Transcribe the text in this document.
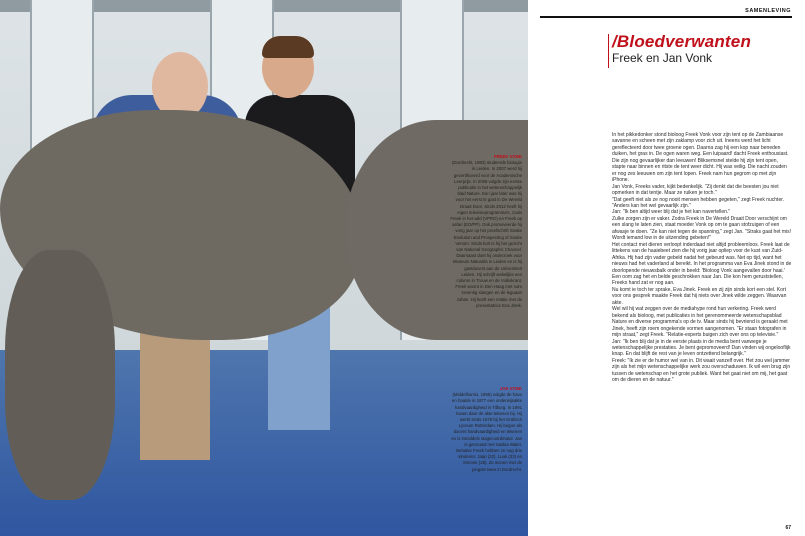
FREEK VONK
(Dordrecht, 1983) studeerde biologie in Leiden. In 2007 werd hij gecertificeerd voor de Academische Leerprijs. In 2008 volgde zijn eerste publicatie in het wetenschappelijk blad Nature. Een jaar later was hij voor het eerst te gast in De Wereld Draait Door. Sinds 2012 heeft hij eigen televisieprogramma's, zoals Freek in het wild (VPRO) en Freek op safari (EO/PP). Ook promoveerde hij vorig jaar op het proefschrift Snake Evolution and Prospecting of Snake Venom. Sinds kort is hij het gezicht van National Geographic Channel. Daarnaast doet hij onderzoek voor Museum Naturalis in Leiden en is hij gastdocent aan de Universiteit Leiden. Hij schrijft wekelijks een column in Trouw en de Volkskrant. Freek woont in Den Haag met ruim zeventig slangen en de leguaan Johan. Hij heeft een relatie met de presentatrice Eva Jinek.
JAN VONK
(Middelharnis, 1955) volgde de havo en haalde in 1977 een onderwijsakte handvaardigheid in Tilburg. In 1991 kwam daar de akte tekenen bij. Hij werkt sinds 1978 bij het Grafisch Lyceum Rotterdam. Hij begon als docent handvaardigheid en tekenen en is inmiddels stagecoördinator. Jan is getrouwd met Saskia Walet. Behalve Freek hebben ze nog drie kinderen: Jaap (32), Luuk (33) en Simone (28). Ze wonen met de jongste twee in Dordrecht.
SAMENLEVING
/Bloedverwanten
Freek en Jan Vonk

In het pikkedonker stond bioloog Freek Vonk voor zijn tent op de Zambiaanse savanne en scheen met zijn zaklamp voor zich uit. Ineens werd het licht gereflecteerd door twee groene ogen. Daarna zag hij een kop naar beneden duiken, het gras in. De ogen waren weg. Een luipaard! dacht Freek enthousiast. Die zijn nog gevaarlijker dan leeuwen! Bliksemsnel stelde hij zijn tent open, stapte naar binnen en ritste de tent weer dicht. Hij was veilig. Die nacht zouden er nog zes leeuwen om zijn tent lopen. Freek nam hun gegrom op met zijn iPhone.

Jan Vonk, Freeks vader, kijkt bedenkelijk. "Zij denkt dat die beesten jou niet opmerken in dat tentje. Maar ze ruiken je toch."

"Dat geeft niet als ze nog nooit mensen hebben gegeten," zegt Freek nuchter. "Anders kan het wel gevaarlijk zijn."

Jan: "Ik ben altijd weer blij dat je het kan navertellen."

Zulke zorgen zijn er vaker. Zodra Freek in De Wereld Draait Door verschijnt om een slang te laten zien, staat moeder Vonk op om te gaan stofzuigen of een afwasje te doen. "Ze kan niet tegen de spanning," zegt Jan. "Straks gaat het mis! Wordt iemand low in de uitzending gebeten!"

Het contact met dieren verloopt inderdaad niet altijd probleemloos. Freek laat de littekens van de haaiebeet zien die hij vorig jaar opliep voor de kust van Zuid-Afrika. Hij had zijn vader gebeld nadat het gebeurd was. Net op tijd, want het nieuws had het vaderland al bereikt. In het programma van Eva Jinek stond in de doorlopende nieuwsbalk onder in beeld: 'Bioloog Vonk aangevallen door haai.' Een oom zag het en belde geschrokken naar Jan. Die kon hem geruststellen, Freeks hand zat er nog aan.

Nu komt ie toch ter sprake, Eva Jinek. Freek en zij zijn sinds kort een stel. Kort voor ons gesprek maakte Freek dat hij niets over Jinek wilde zeggen. Waarvan akte.

Wel wil hij wat zeggen over de mediahype rond hun verkering. Freek werd bekend als bioloog, met publicaties in het gerenommeerde wetenschapsblad Nature en diverse programma's op de tv. Maar sinds hij bevriend is geraakt met Jinek, heeft zijn roem ongekende vormen aangenomen. "Er staan fotografen in mijn straat," zegt Freek. "Relatie-experts buigen zich over ons op televisie."

Jan: "Ik ben blij dat je in de eerste plaats in de media bent vanwege je wetenschappelijke prestaties. Je bent gepromoveerd! Dan vinden wij ongelooflijk knap. En dat blijft de rest van je leven ontzettend belangrijk."

Freek: "Ik zie er de humor wel van in. Dit waait vanzelf over. Het zou wel jammer zijn als het mijn wetenschappelijke werk zou overschaduwen. Ik wil een brug zijn tussen de wetenschap en het grote publiek. Want het gaat niet om mij, het gaat om de dieren en de natuur."

67
